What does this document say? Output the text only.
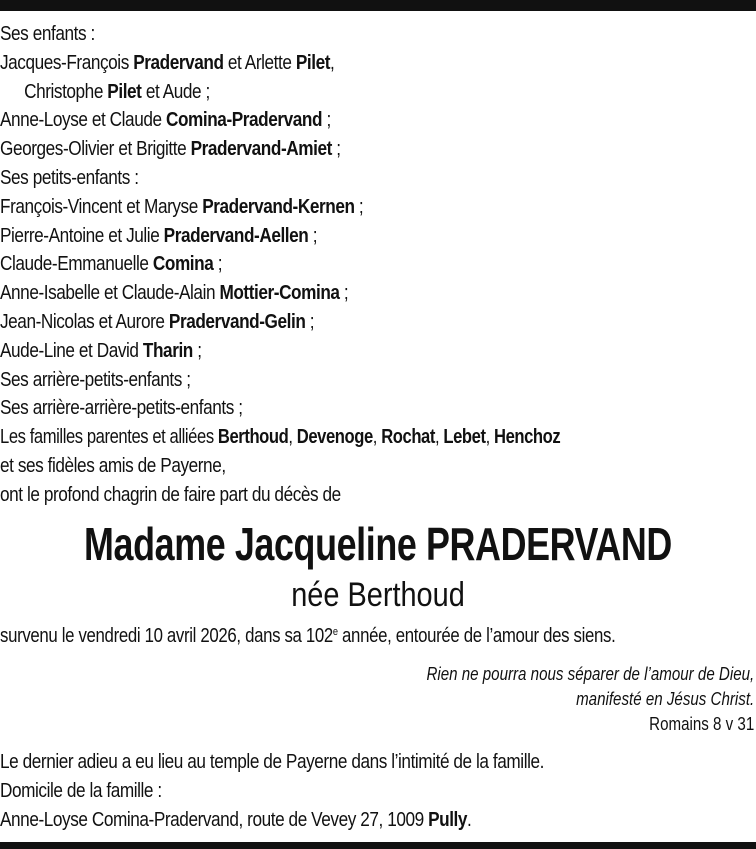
Ses enfants :
Jacques-François Pradervand et Arlette Pilet,
Christophe Pilet et Aude ;
Anne-Loyse et Claude Comina-Pradervand ;
Georges-Olivier et Brigitte Pradervand-Amiet ;
Ses petits-enfants :
François-Vincent et Maryse Pradervand-Kernen ;
Pierre-Antoine et Julie Pradervand-Aellen ;
Claude-Emmanuelle Comina ;
Anne-Isabelle et Claude-Alain Mottier-Comina ;
Jean-Nicolas et Aurore Pradervand-Gelin ;
Aude-Line et David Tharin ;
Ses arrière-petits-enfants ;
Ses arrière-arrière-petits-enfants ;
Les familles parentes et alliées Berthoud, Devenoge, Rochat, Lebet, Henchoz
et ses fidèles amis de Payerne,
ont le profond chagrin de faire part du décès de
Madame Jacqueline PRADERVAND
née Berthoud
survenu le vendredi 10 avril 2026, dans sa 102e année, entourée de l’amour des siens.
Rien ne pourra nous séparer de l’amour de Dieu,
manifesté en Jésus Christ.
Romains 8 v 31
Le dernier adieu a eu lieu au temple de Payerne dans l’intimité de la famille.
Domicile de la famille :
Anne-Loyse Comina-Pradervand, route de Vevey 27, 1009 Pully.
